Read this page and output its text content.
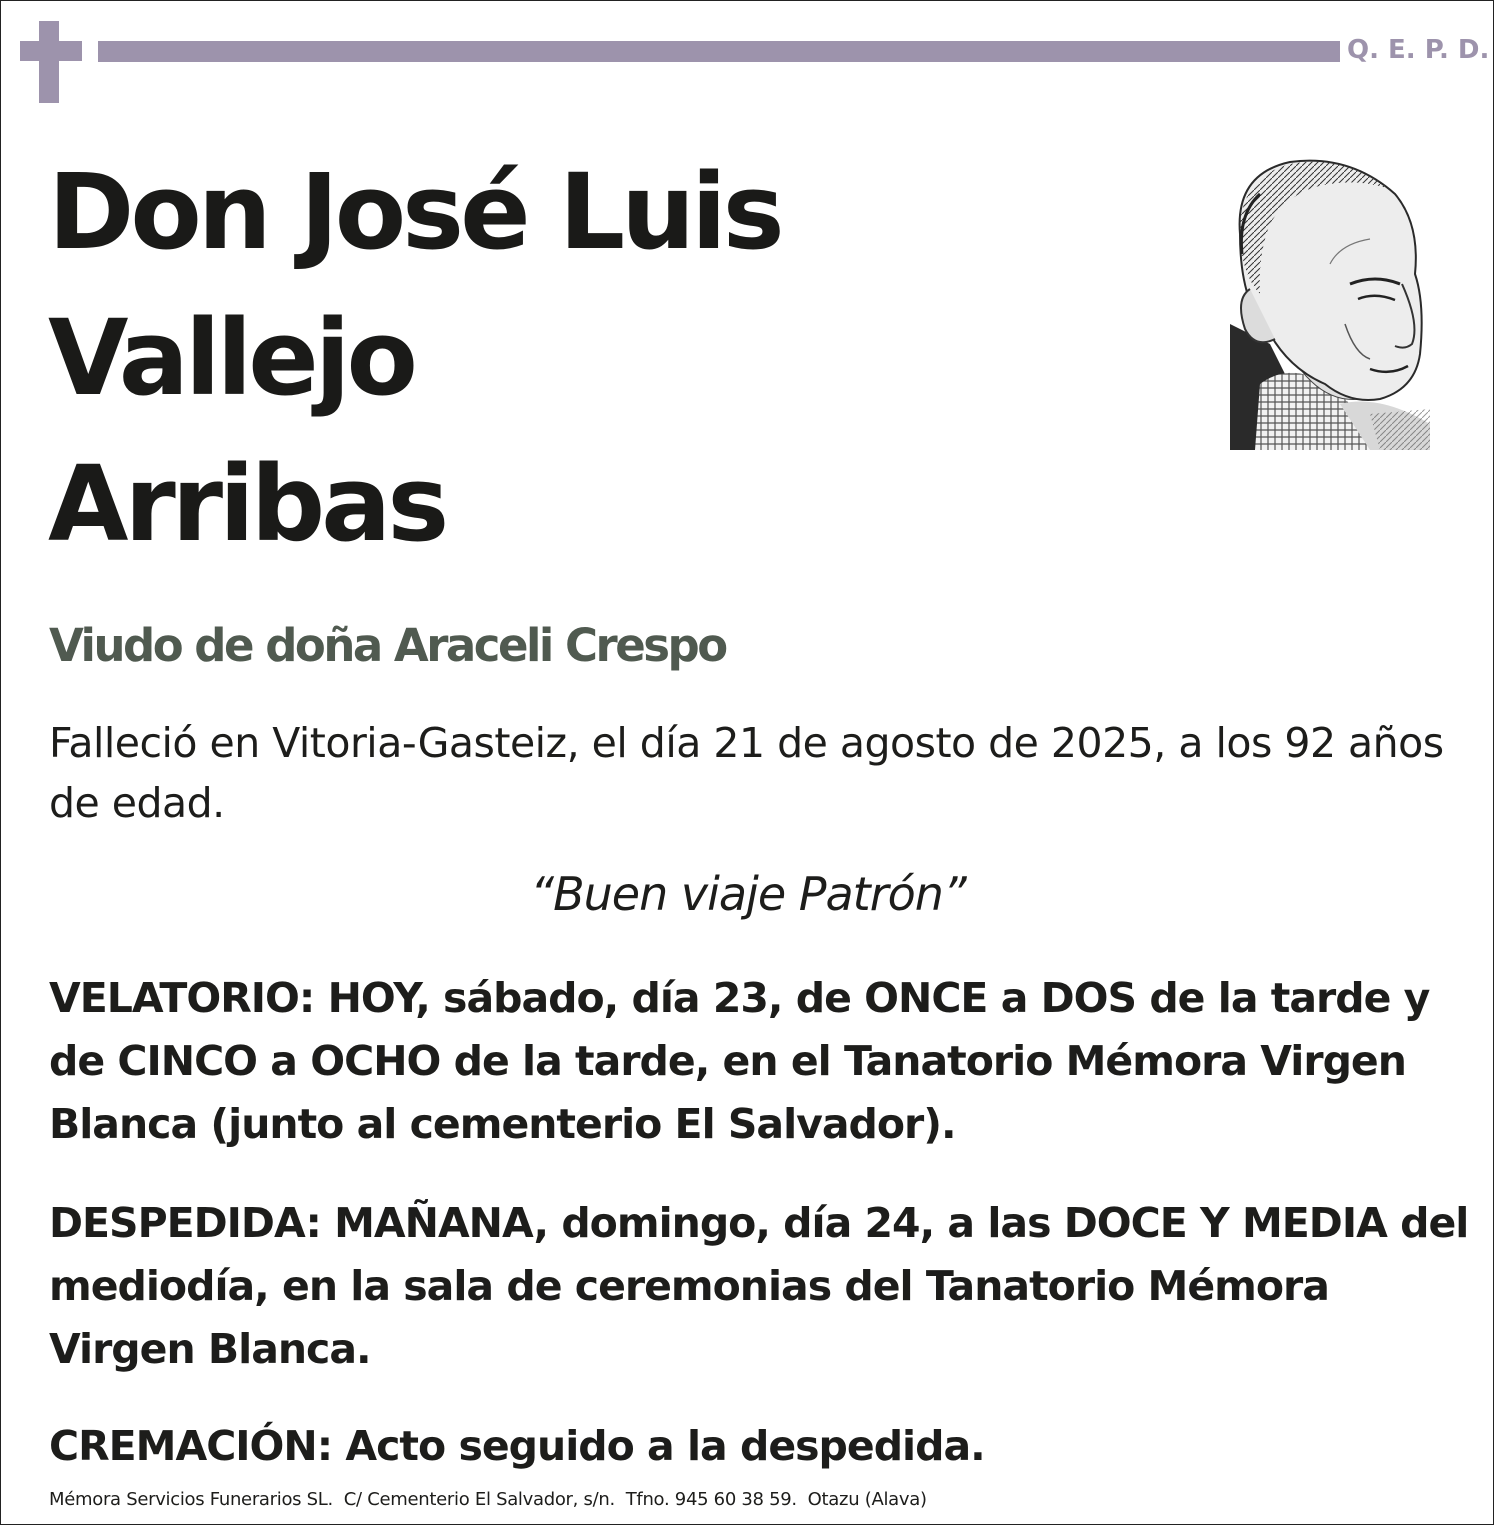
Q. E. P. D.
Don José Luis
Vallejo
Arribas
Viudo de doña Araceli Crespo
Falleció en Vitoria-Gasteiz, el día 21 de agosto de 2025, a los 92 años de edad.
“Buen viaje Patrón”
VELATORIO: HOY, sábado, día 23, de ONCE a DOS de la tarde y de CINCO a OCHO de la tarde, en el Tanatorio Mémora Virgen Blanca (junto al cementerio El Salvador).
DESPEDIDA: MAÑANA, domingo, día 24, a las DOCE Y MEDIA del mediodía, en la sala de ceremonias del Tanatorio Mémora Virgen Blanca.
CREMACIÓN: Acto seguido a la despedida.
Mémora Servicios Funerarios SL.  C/ Cementerio El Salvador, s/n.  Tfno. 945 60 38 59.  Otazu (Alava)
